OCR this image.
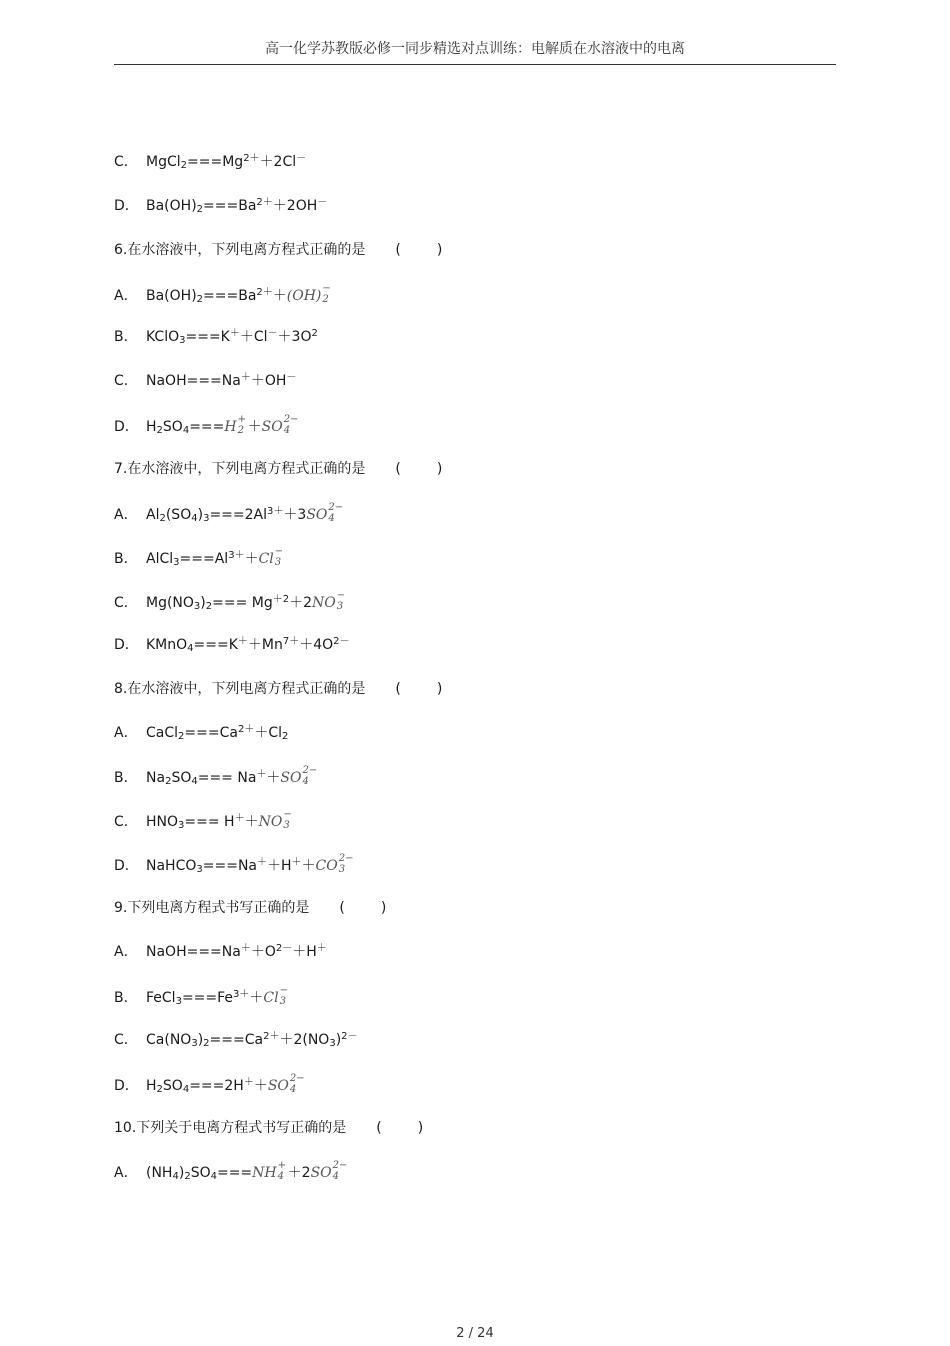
高一化学苏教版必修一同步精选对点训练：电解质在水溶液中的电离
C． $MgCl_2===Mg^{2+}+2Cl^-$
D． $Ba(OH)_2===Ba^{2+}+2OH^-$
6.在水溶液中，下列电离方程式正确的是 (	)
A． $Ba(OH)_2===Ba^{2+}+(OH)$ −
2
B． $KClO_3===K^++Cl^-+3O^2$
C． NaOH===Na＋＋OH－
D． $H_2SO_4===H$ +
2 ＋SO 2−
4
7.在水溶液中，下列电离方程式正确的是 (	)
A． $Al_2(SO_4)_3===2Al^{3+}+3SO$ 2−
4
B． $AlCl_3===Al^{3+}+Cl$ −
3
C． $Mg(NO_3)_2=== Mg^{+2}+2NO$ −
3
D． $KMnO_4===K^++Mn^{7+}+4O^{2-}$
8.在水溶液中，下列电离方程式正确的是 (	)
A． $CaCl_2===Ca^{2+}+Cl_2$
B． $Na_2SO_4=== Na^++SO$ 2−
4
C． $HNO_3=== H^++NO$ −
3
D． NaHCO$_3$===Na＋＋H＋＋CO 2−
3
9.下列电离方程式书写正确的是 (	)
A． $NaOH===Na^++O^{2-}+H^+$
B． $FeCl_3===Fe^{3+}+Cl$ −
3
C． $Ca(NO_3)_2===Ca^{2+}+2(NO_3)^{2-}$
D． $H_2SO_4===2H^++SO$ 2−
4
10.下列关于电离方程式书写正确的是 (	)
A． $(NH_4)_2SO_4===NH$ +
4 ＋2SO 2−
4
2 / 24
